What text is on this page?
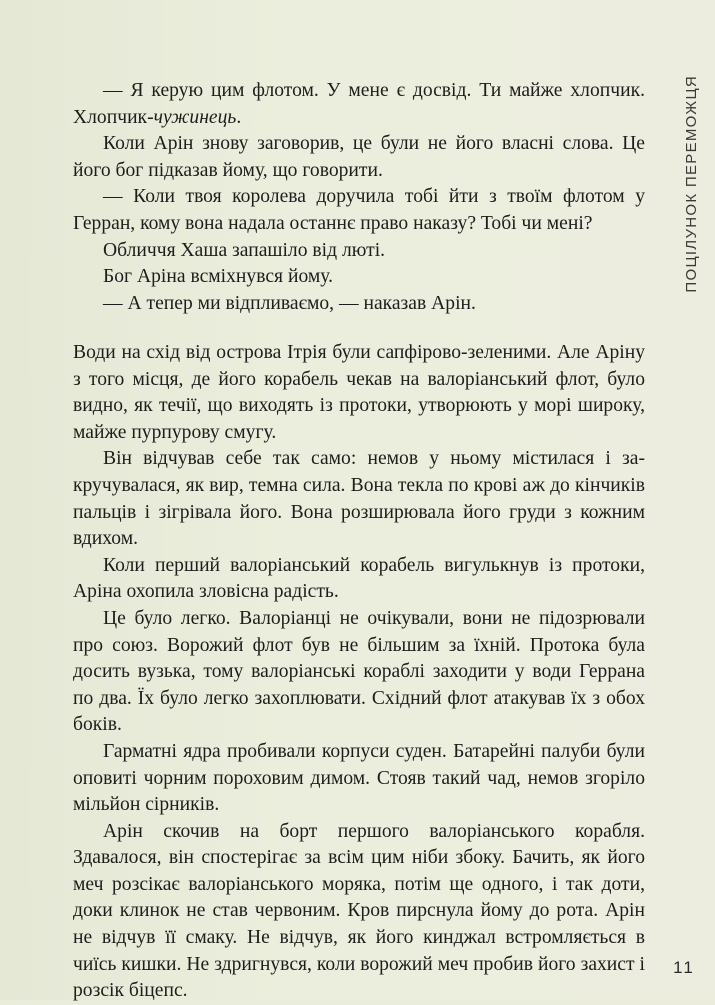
ПОЦІЛУНОК ПЕРЕМОЖЦЯ

— Я керую цим флотом. У мене є досвід. Ти майже хлопчик. Хлопчик-чужинець.

Коли Арін знову заговорив, це були не його власні слова. Це його бог підказав йому, що говорити.

— Коли твоя королева доручила тобі йти з твоїм флотом у Герран, кому вона надала останнє право наказу? Тобі чи мені?

Обличчя Хаша запашіло від люті.

Бог Аріна всміхнувся йому.

— А тепер ми відпливаємо, — наказав Арін.

Води на схід від острова Ітрія були сапфірово-зеленими. Але Аріну з того місця, де його корабель чекав на валоріанський флот, було видно, як течії, що виходять із протоки, утворюють у морі широку, майже пурпурову смугу.

Він відчував себе так само: немов у ньому містилася і закручувалася, як вир, темна сила. Вона текла по крові аж до кінчиків пальців і зігрівала його. Вона розширювала його груди з кожним вдихом.

Коли перший валоріанський корабель вигулькнув із протоки, Аріна охопила зловісна радість.

Це було легко. Валоріанці не очікували, вони не підозрювали про союз. Ворожий флот був не більшим за їхній. Протока була досить вузька, тому валоріанські кораблі заходити у води Геррана по два. Їх було легко захоплювати. Східний флот атакував їх з обох боків.

Гарматні ядра пробивали корпуси суден. Батарейні палуби були оповиті чорним пороховим димом. Стояв такий чад, немов згоріло мільйон сірників.

Арін скочив на борт першого валоріанського корабля. Здавалося, він спостерігає за всім цим ніби збоку. Бачить, як його меч розсікає валоріанського моряка, потім ще одного, і так доти, доки клинок не став червоним. Кров пирснула йому до рота. Арін не відчув її смаку. Не відчув, як його кинджал встромляється в чиїсь кишки. Не здригнувся, коли ворожий меч пробив його захист і розсік біцепс.

11
